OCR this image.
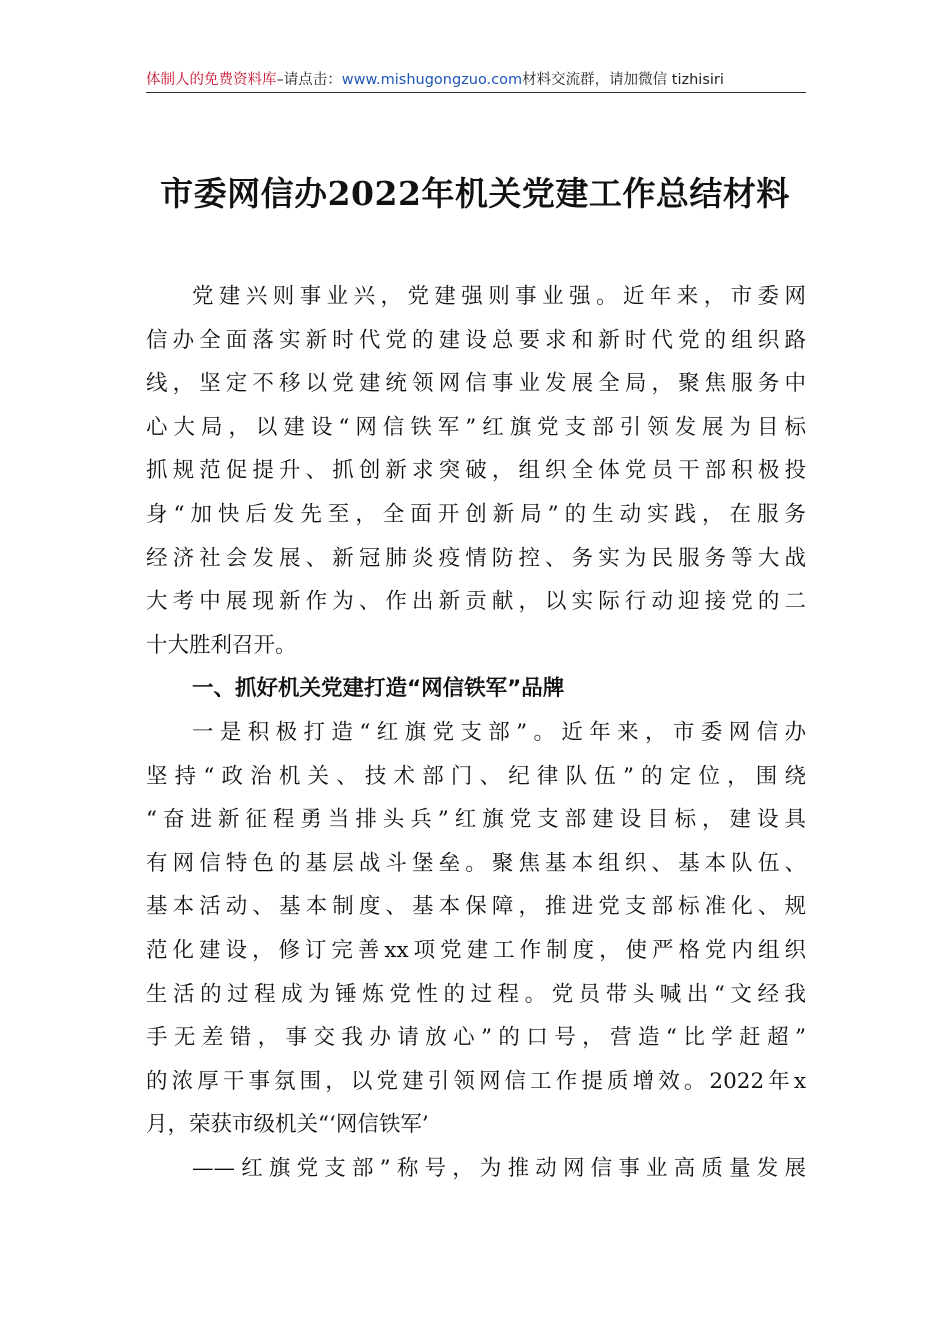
体制人的免费资料库–请点击：www.mishugongzuo.com材料交流群，请加微信 tizhisiri
市委网信办2022年机关党建工作总结材料
党建兴则事业兴，党建强则事业强。近年来，市委网
信办全面落实新时代党的建设总要求和新时代党的组织路
线，坚定不移以党建统领网信事业发展全局，聚焦服务中
心大局，以建设“网信铁军”红旗党支部引领发展为目标
抓规范促提升、抓创新求突破，组织全体党员干部积极投
身“加快后发先至，全面开创新局”的生动实践，在服务
经济社会发展、新冠肺炎疫情防控、务实为民服务等大战
大考中展现新作为、作出新贡献，以实际行动迎接党的二
十大胜利召开。
一、抓好机关党建打造“网信铁军”品牌
一是积极打造“红旗党支部”。近年来，市委网信办
坚持“政治机关、技术部门、纪律队伍”的定位，围绕
“奋进新征程勇当排头兵”红旗党支部建设目标，建设具
有网信特色的基层战斗堡垒。聚焦基本组织、基本队伍、
基本活动、基本制度、基本保障，推进党支部标准化、规
范化建设，修订完善xx项党建工作制度，使严格党内组织
生活的过程成为锤炼党性的过程。党员带头喊出“文经我
手无差错，事交我办请放心”的口号，营造“比学赶超”
的浓厚干事氛围，以党建引领网信工作提质增效。2022年x
月，荣获市级机关“‘网信铁军’
——红旗党支部”称号，为推动网信事业高质量发展
